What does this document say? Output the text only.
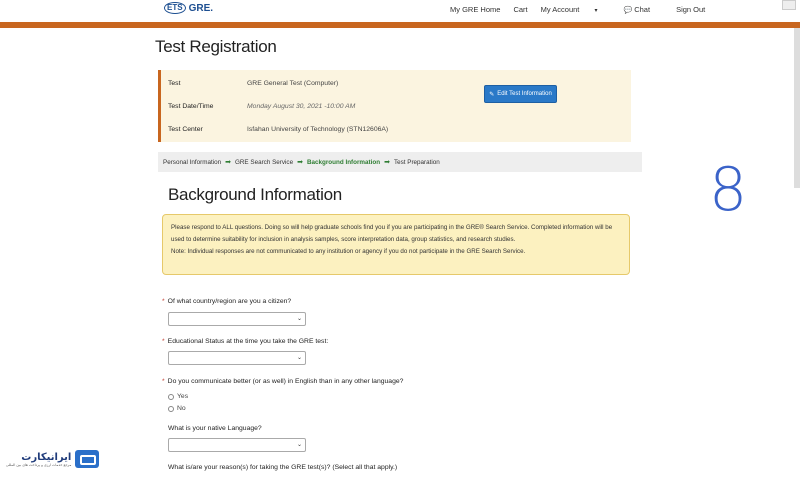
ETS GRE.	My GRE Home Cart My Account	▾	💬 Chat	Sign Out
Test Registration
Test	GRE General Test (Computer)
Test Date/Time	Monday August 30, 2021 -10:00 AM
Test Center	Isfahan University of Technology (STN12606A)
✎ Edit Test Information
Personal Information ➡ GRE Search Service ➡ Background Information ➡ Test Preparation	8
Background Information
Please respond to ALL questions. Doing so will help graduate schools find you if you are participating in the GRE® Search Service. Completed information will be used to determine suitability for inclusion in analysis samples, score interpretation data, group statistics, and research studies.
Note: Individual responses are not communicated to any institution or agency if you do not participate in the GRE Search Service.
* Of what country/region are you a citizen?
⌄
* Educational Status at the time you take the GRE test:
⌄
* Do you communicate better (or as well) in English than in any other language?
Yes
No
What is your native Language?
⌄
What is/are your reason(s) for taking the GRE test(s)? (Select all that apply.)
ایرانیکارت
مرجع خدمات ارزی و پرداخت های بین المللی
